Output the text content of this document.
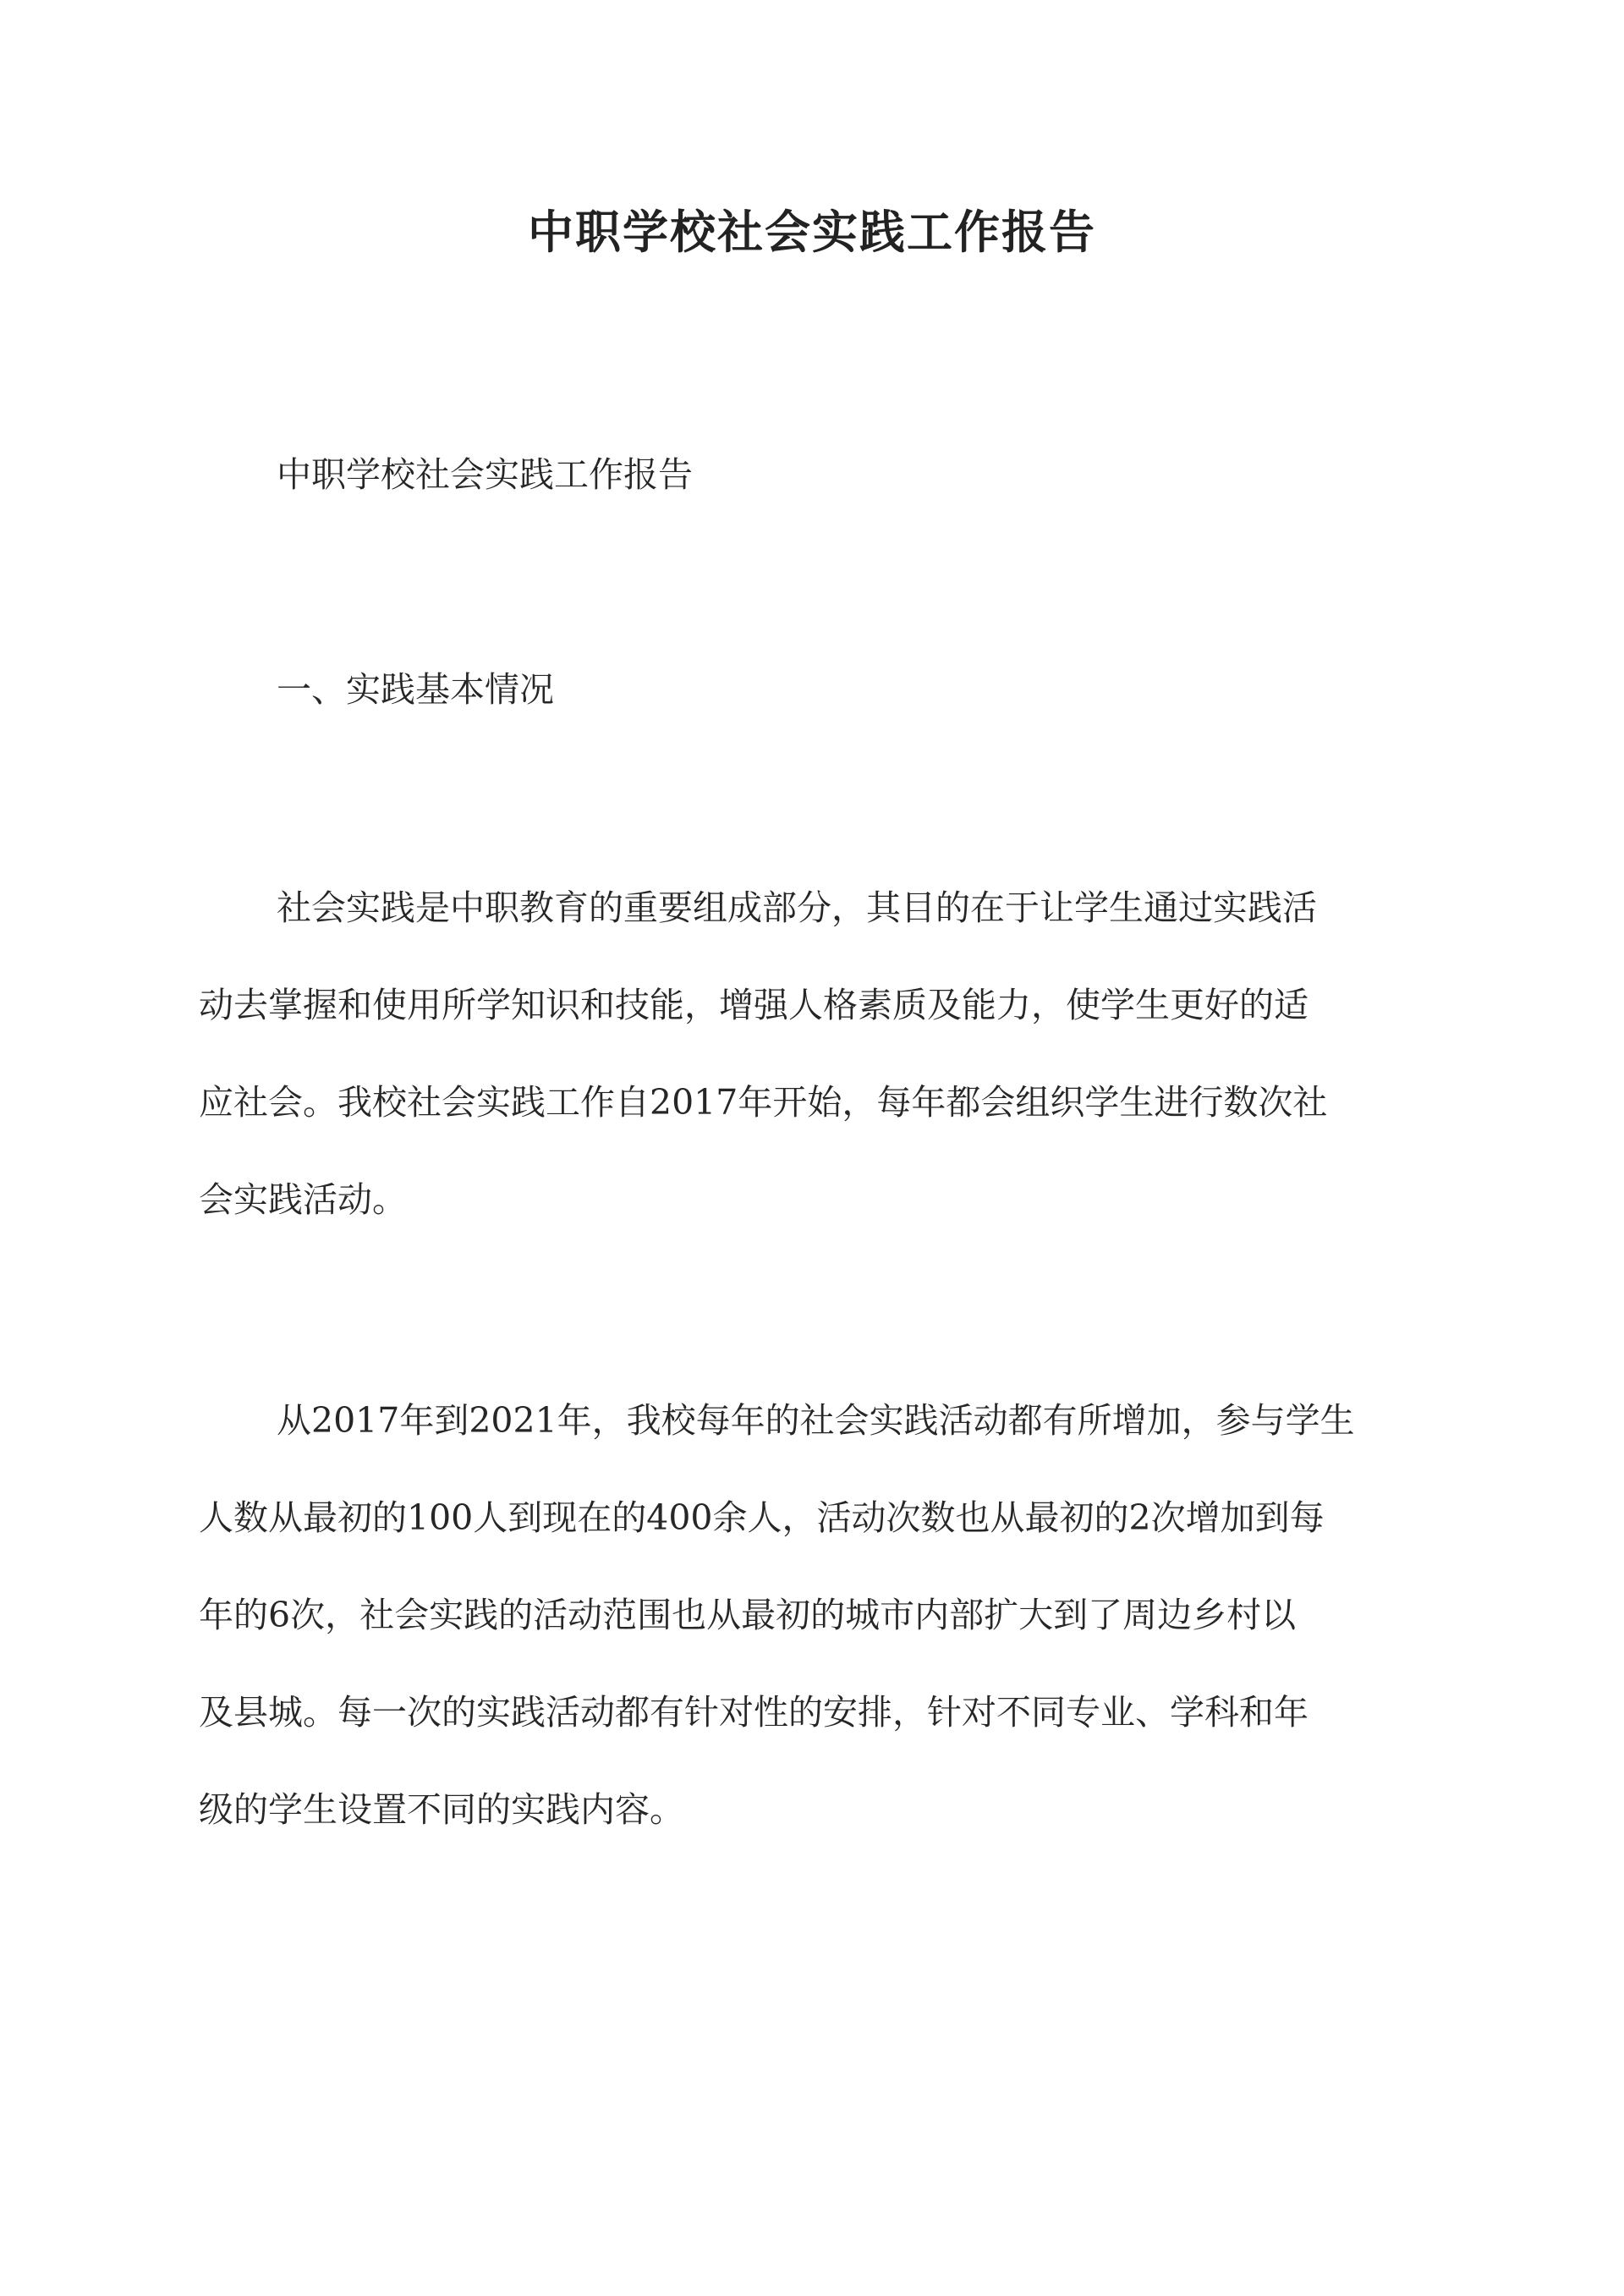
中职学校社会实践工作报告

中职学校社会实践工作报告

一、实践基本情况

社会实践是中职教育的重要组成部分，其目的在于让学生通过实践活
动去掌握和使用所学知识和技能，增强人格素质及能力，使学生更好的适
应社会。我校社会实践工作自2017年开始，每年都会组织学生进行数次社
会实践活动。

从2017年到2021年，我校每年的社会实践活动都有所增加，参与学生
人数从最初的100人到现在的400余人，活动次数也从最初的2次增加到每
年的6次，社会实践的活动范围也从最初的城市内部扩大到了周边乡村以
及县城。每一次的实践活动都有针对性的安排，针对不同专业、学科和年
级的学生设置不同的实践内容。
